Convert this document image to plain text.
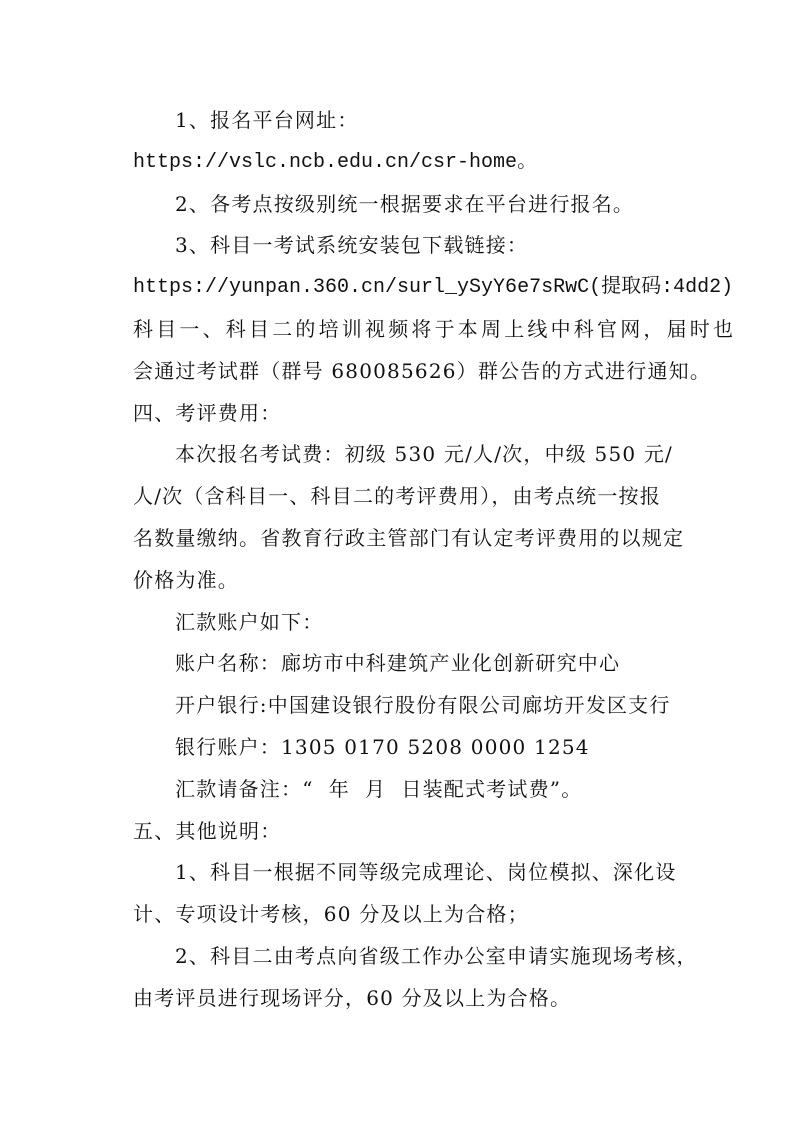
1、报名平台网址：
https://vslc.ncb.edu.cn/csr-home。
2、各考点按级别统一根据要求在平台进行报名。
3、科目一考试系统安装包下载链接：
https://yunpan.360.cn/surl_ySyY6e7sRwC(提取码:4dd2)
科目一、科目二的培训视频将于本周上线中科官网，届时也
会通过考试群（群号 680085626）群公告的方式进行通知。
四、考评费用：
本次报名考试费：初级 530 元/人/次，中级 550 元/
人/次（含科目一、科目二的考评费用），由考点统一按报
名数量缴纳。省教育行政主管部门有认定考评费用的以规定
价格为准。
汇款账户如下：
账户名称：廊坊市中科建筑产业化创新研究中心
开户银行:中国建设银行股份有限公司廊坊开发区支行
银行账户：1305 0170 5208 0000 1254
汇款请备注：“  年  月  日装配式考试费”。
五、其他说明：
1、科目一根据不同等级完成理论、岗位模拟、深化设
计、专项设计考核，60 分及以上为合格；
2、科目二由考点向省级工作办公室申请实施现场考核，
由考评员进行现场评分，60 分及以上为合格。
